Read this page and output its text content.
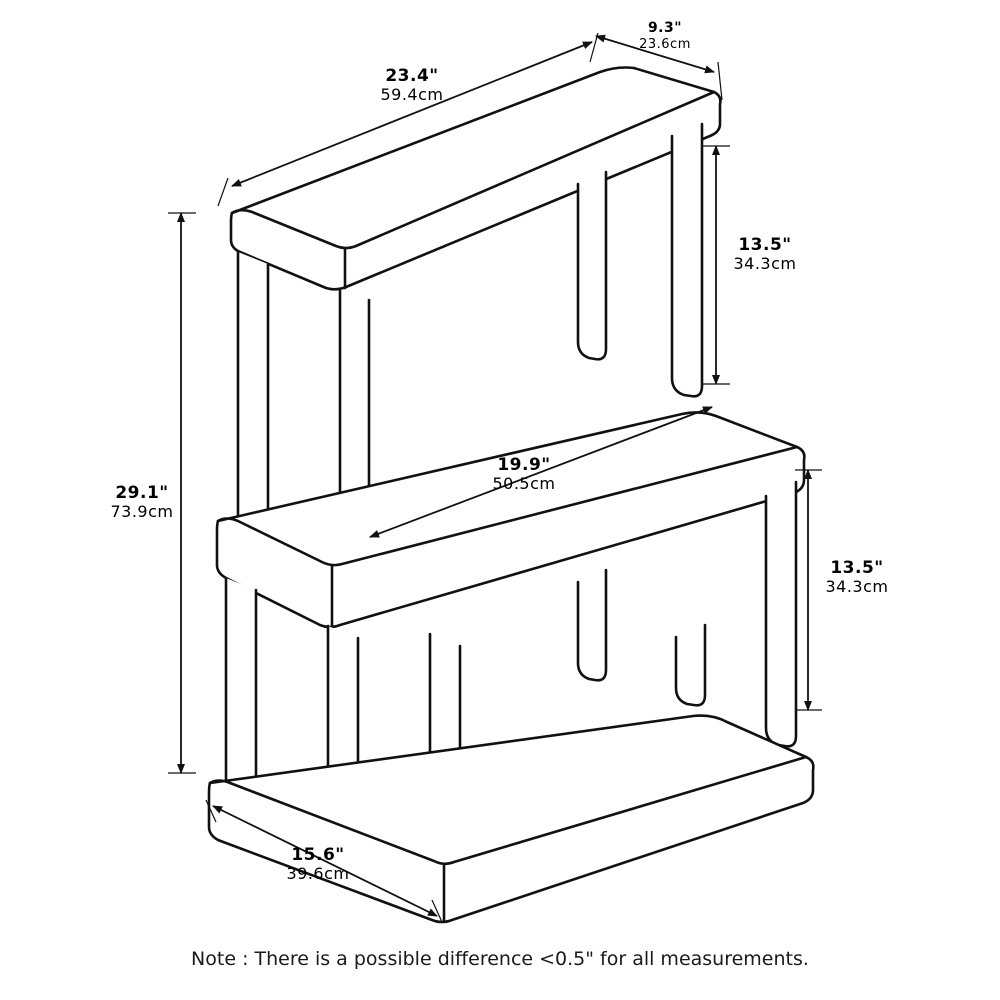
23.4"
59.4cm
9.3"
23.6cm
13.5"
34.3cm
19.9"
50.5cm
13.5"
34.3cm
29.1"
73.9cm
15.6"
39.6cm
Note : There is a possible difference <0.5" for all measurements.
